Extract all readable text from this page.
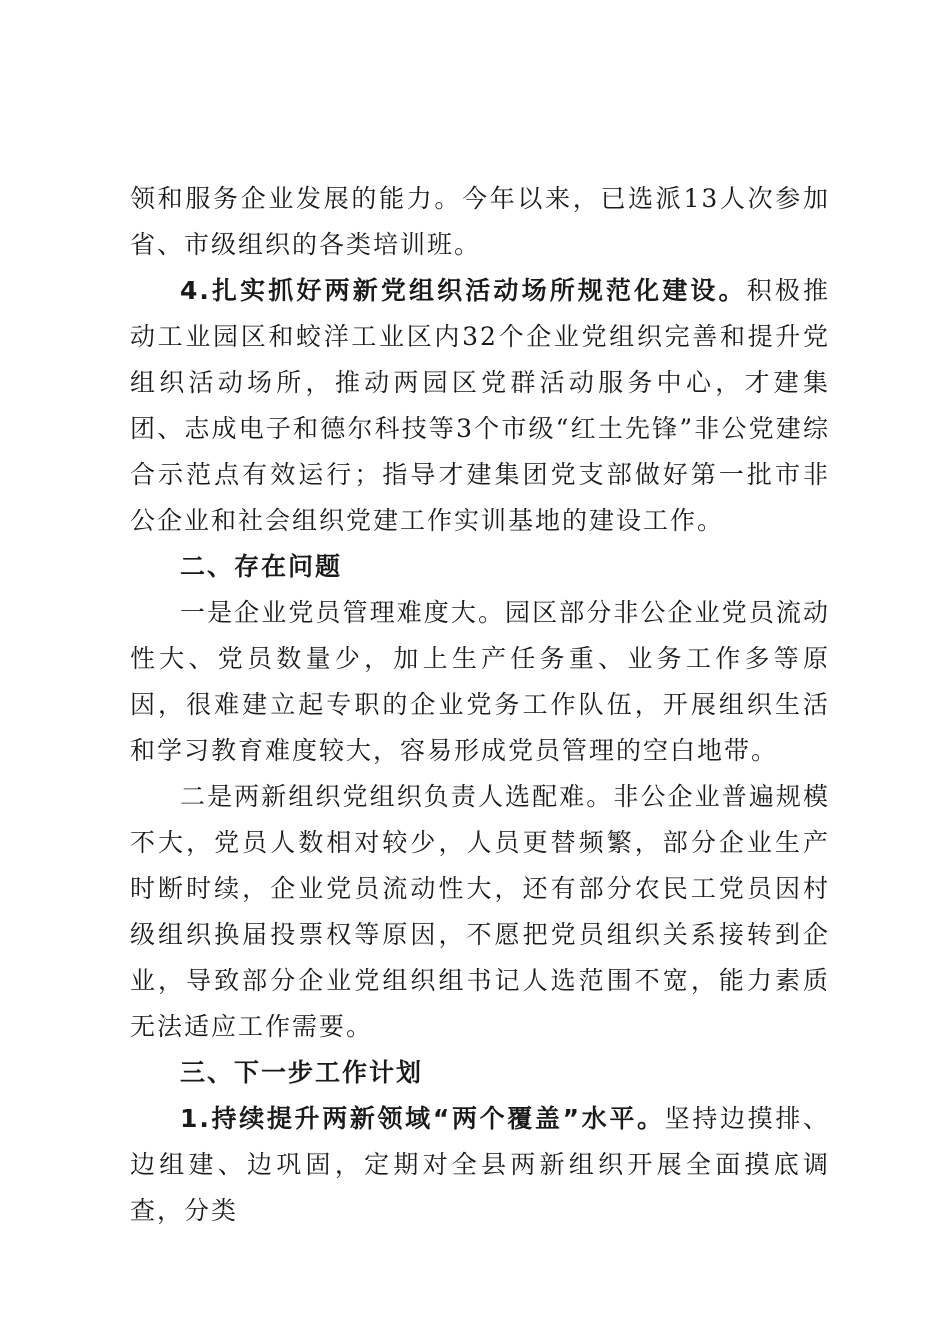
领和服务企业发展的能力。今年以来，已选派13人次参加省、市级组织的各类培训班。

4.扎实抓好两新党组织活动场所规范化建设。积极推动工业园区和蛟洋工业区内32个企业党组织完善和提升党组织活动场所，推动两园区党群活动服务中心，才建集团、志成电子和德尔科技等3个市级“红土先锋”非公党建综合示范点有效运行；指导才建集团党支部做好第一批市非公企业和社会组织党建工作实训基地的建设工作。

二、存在问题

一是企业党员管理难度大。园区部分非公企业党员流动性大、党员数量少，加上生产任务重、业务工作多等原因，很难建立起专职的企业党务工作队伍，开展组织生活和学习教育难度较大，容易形成党员管理的空白地带。

二是两新组织党组织负责人选配难。非公企业普遍规模不大，党员人数相对较少，人员更替频繁，部分企业生产时断时续，企业党员流动性大，还有部分农民工党员因村级组织换届投票权等原因，不愿把党员组织关系接转到企业，导致部分企业党组织组书记人选范围不宽，能力素质无法适应工作需要。

三、下一步工作计划

1.持续提升两新领域“两个覆盖”水平。坚持边摸排、边组建、边巩固，定期对全县两新组织开展全面摸底调查，分类
